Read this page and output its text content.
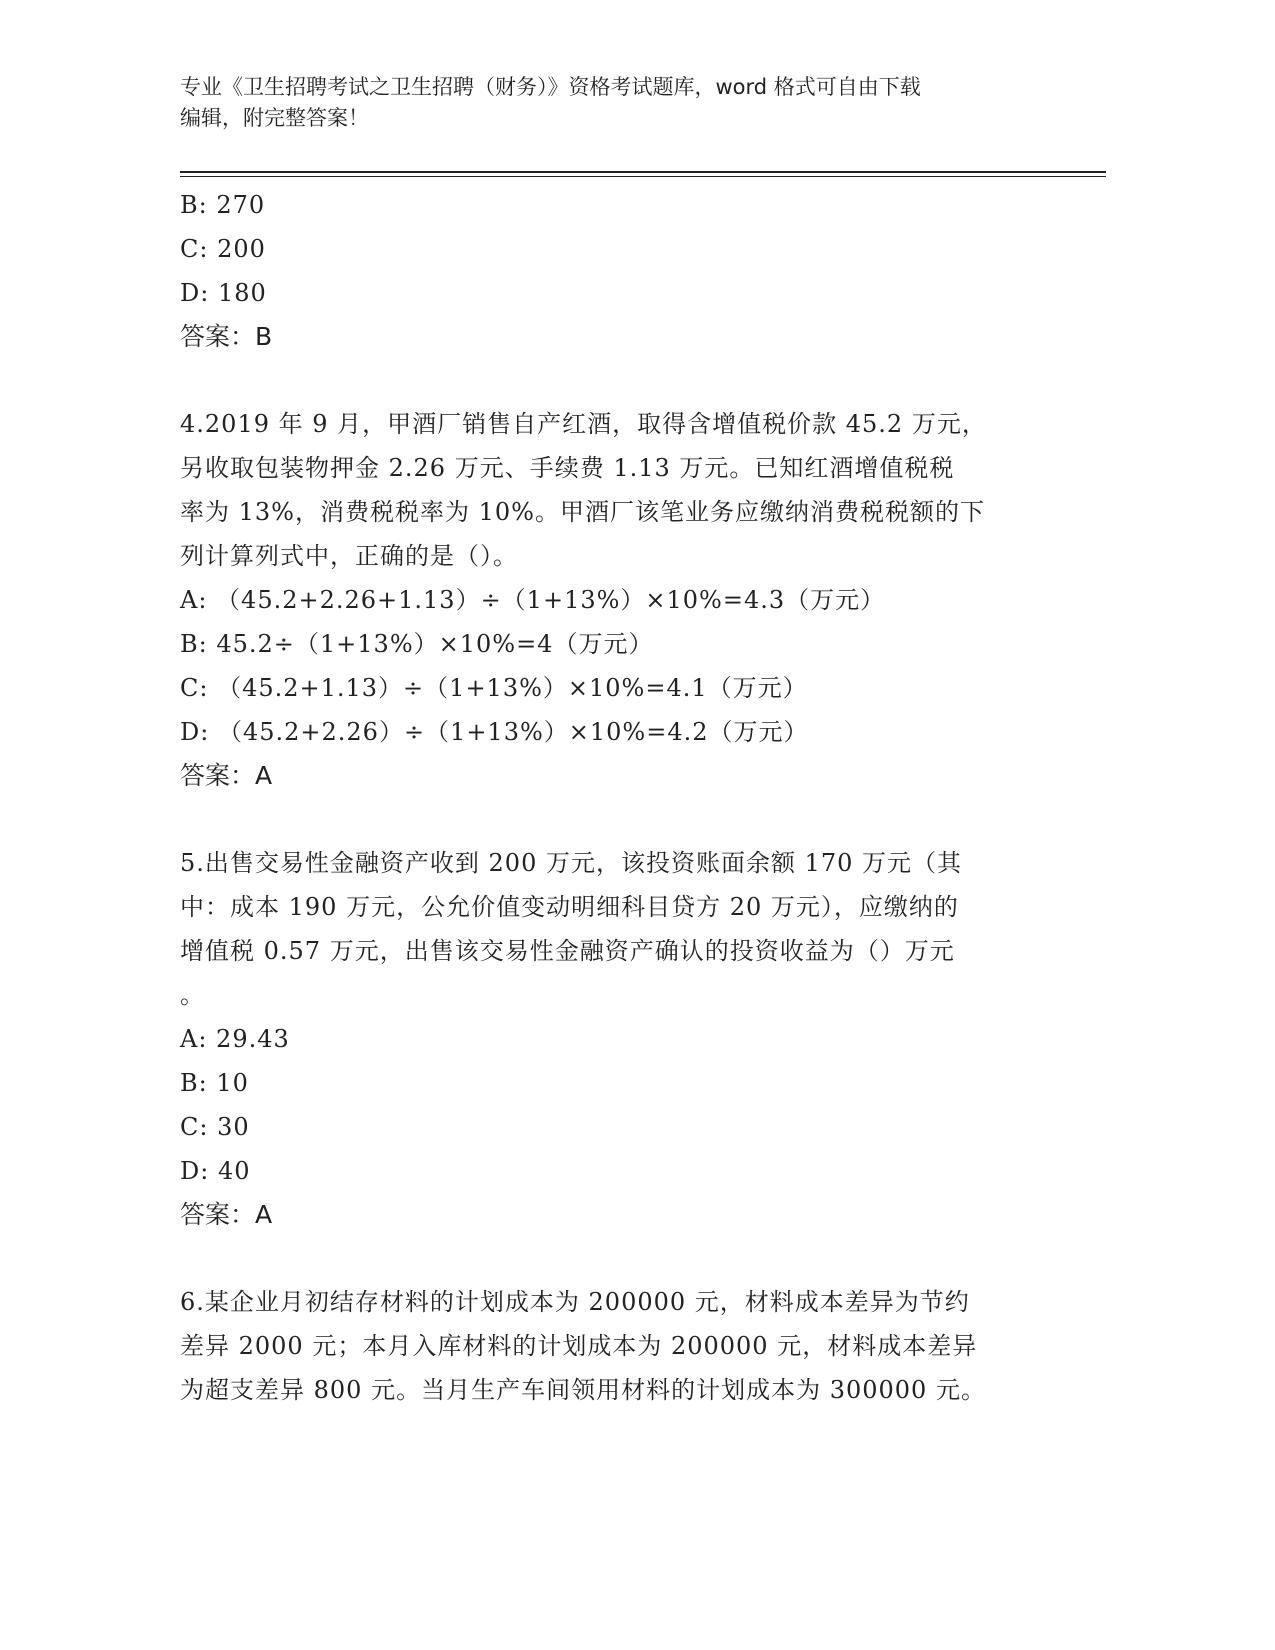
专业《卫生招聘考试之卫生招聘（财务）》资格考试题库，word 格式可自由下载
编辑，附完整答案！
B: 270
C: 200
D: 180
答案：B
4.2019 年 9 月，甲酒厂销售自产红酒，取得含增值税价款 45.2 万元，
另收取包装物押金 2.26 万元、手续费 1.13 万元。已知红酒增值税税
率为 13%，消费税税率为 10%。甲酒厂该笔业务应缴纳消费税税额的下
列计算列式中，正确的是（）。
A: （45.2+2.26+1.13）÷（1+13%）×10%=4.3（万元）
B: 45.2÷（1+13%）×10%=4（万元）
C: （45.2+1.13）÷（1+13%）×10%=4.1（万元）
D: （45.2+2.26）÷（1+13%）×10%=4.2（万元）
答案：A
5.出售交易性金融资产收到 200 万元，该投资账面余额 170 万元（其
中：成本 190 万元，公允价值变动明细科目贷方 20 万元），应缴纳的
增值税 0.57 万元，出售该交易性金融资产确认的投资收益为（）万元
。
A: 29.43
B: 10
C: 30
D: 40
答案：A
6.某企业月初结存材料的计划成本为 200000 元，材料成本差异为节约
差异 2000 元；本月入库材料的计划成本为 200000 元，材料成本差异
为超支差异 800 元。当月生产车间领用材料的计划成本为 300000 元。
